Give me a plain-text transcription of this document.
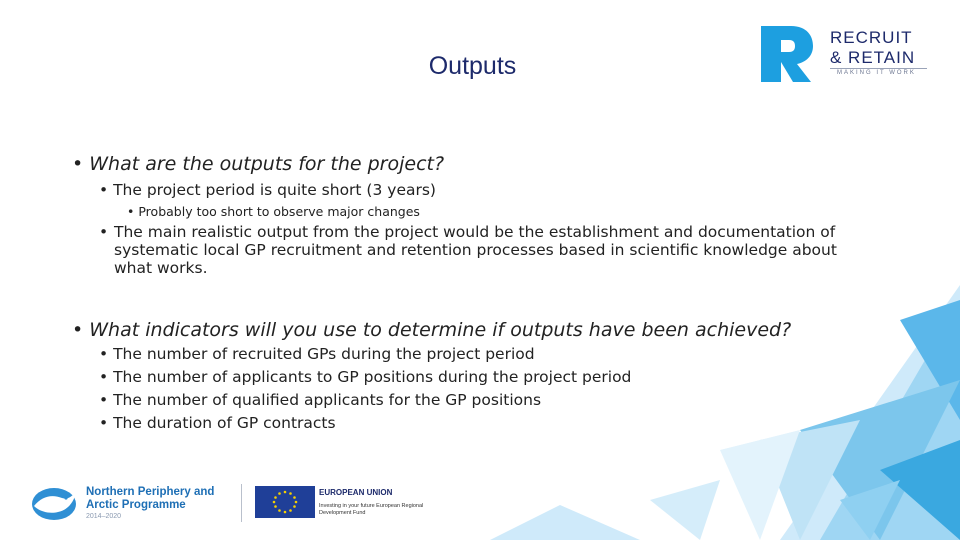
Outputs
RECRUIT
& RETAIN
MAKING IT WORK
• What are the outputs for the project?
• The project period is quite short (3 years)
• Probably too short to observe major changes
• The main realistic output from the project would be the establishment and documentation of
systematic local GP recruitment and retention processes based in scientific knowledge about
what works.
• What indicators will you use to determine if outputs have been achieved?
• The number of recruited GPs during the project period
• The number of applicants to GP positions during the project period
• The number of qualified applicants for the GP positions
• The duration of GP contracts
Northern Periphery and Arctic Programme
2014–2020
EUROPEAN UNION
Investing in your future European Regional Development Fund
